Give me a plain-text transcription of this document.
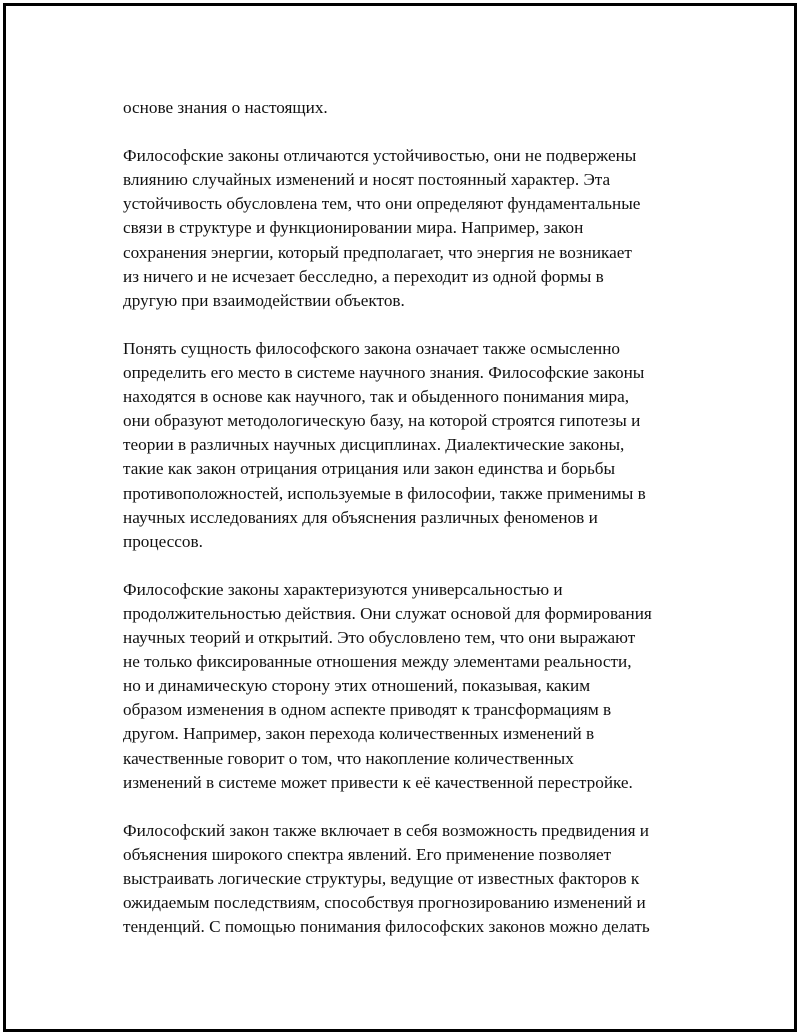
основе знания о настоящих.
Философские законы отличаются устойчивостью, они не подвержены
влиянию случайных изменений и носят постоянный характер. Эта
устойчивость обусловлена тем, что они определяют фундаментальные
связи в структуре и функционировании мира. Например, закон
сохранения энергии, который предполагает, что энергия не возникает
из ничего и не исчезает бесследно, а переходит из одной формы в
другую при взаимодействии объектов.
Понять сущность философского закона означает также осмысленно
определить его место в системе научного знания. Философские законы
находятся в основе как научного, так и обыденного понимания мира,
они образуют методологическую базу, на которой строятся гипотезы и
теории в различных научных дисциплинах. Диалектические законы,
такие как закон отрицания отрицания или закон единства и борьбы
противоположностей, используемые в философии, также применимы в
научных исследованиях для объяснения различных феноменов и
процессов.
Философские законы характеризуются универсальностью и
продолжительностью действия. Они служат основой для формирования
научных теорий и открытий. Это обусловлено тем, что они выражают
не только фиксированные отношения между элементами реальности,
но и динамическую сторону этих отношений, показывая, каким
образом изменения в одном аспекте приводят к трансформациям в
другом. Например, закон перехода количественных изменений в
качественные говорит о том, что накопление количественных
изменений в системе может привести к её качественной перестройке.
Философский закон также включает в себя возможность предвидения и
объяснения широкого спектра явлений. Его применение позволяет
выстраивать логические структуры, ведущие от известных факторов к
ожидаемым последствиям, способствуя прогнозированию изменений и
тенденций. С помощью понимания философских законов можно делать
